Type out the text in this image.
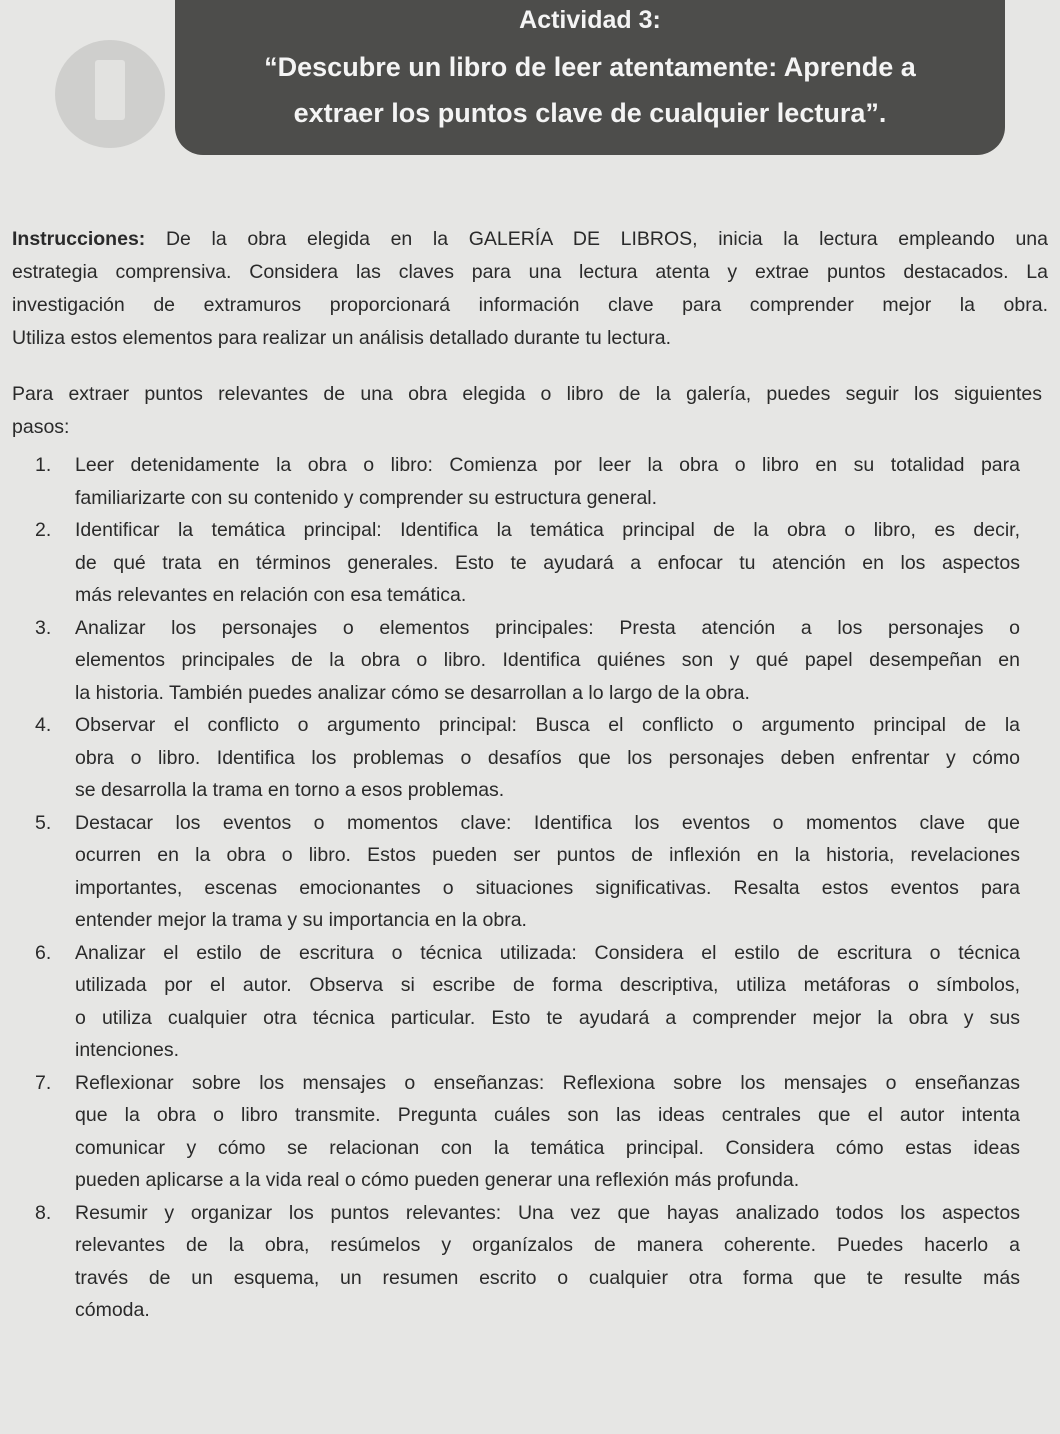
Actividad 3:
“Descubre un libro de leer atentamente: Aprende a
extraer los puntos clave de cualquier lectura”.
Instrucciones: De la obra elegida en la GALERÍA DE LIBROS, inicia la lectura empleando una
estrategia comprensiva. Considera las claves para una lectura atenta y extrae puntos destacados. La
investigación de extramuros proporcionará información clave para comprender mejor la obra.
Utiliza estos elementos para realizar un análisis detallado durante tu lectura.
Para extraer puntos relevantes de una obra elegida o libro de la galería, puedes seguir los siguientes
pasos:
1. Leer detenidamente la obra o libro: Comienza por leer la obra o libro en su totalidad para
familiarizarte con su contenido y comprender su estructura general.
2. Identificar la temática principal: Identifica la temática principal de la obra o libro, es decir,
de qué trata en términos generales. Esto te ayudará a enfocar tu atención en los aspectos
más relevantes en relación con esa temática.
3. Analizar los personajes o elementos principales: Presta atención a los personajes o
elementos principales de la obra o libro. Identifica quiénes son y qué papel desempeñan en
la historia. También puedes analizar cómo se desarrollan a lo largo de la obra.
4. Observar el conflicto o argumento principal: Busca el conflicto o argumento principal de la
obra o libro. Identifica los problemas o desafíos que los personajes deben enfrentar y cómo
se desarrolla la trama en torno a esos problemas.
5. Destacar los eventos o momentos clave: Identifica los eventos o momentos clave que
ocurren en la obra o libro. Estos pueden ser puntos de inflexión en la historia, revelaciones
importantes, escenas emocionantes o situaciones significativas. Resalta estos eventos para
entender mejor la trama y su importancia en la obra.
6. Analizar el estilo de escritura o técnica utilizada: Considera el estilo de escritura o técnica
utilizada por el autor. Observa si escribe de forma descriptiva, utiliza metáforas o símbolos,
o utiliza cualquier otra técnica particular. Esto te ayudará a comprender mejor la obra y sus
intenciones.
7. Reflexionar sobre los mensajes o enseñanzas: Reflexiona sobre los mensajes o enseñanzas
que la obra o libro transmite. Pregunta cuáles son las ideas centrales que el autor intenta
comunicar y cómo se relacionan con la temática principal. Considera cómo estas ideas
pueden aplicarse a la vida real o cómo pueden generar una reflexión más profunda.
8. Resumir y organizar los puntos relevantes: Una vez que hayas analizado todos los aspectos
relevantes de la obra, resúmelos y organízalos de manera coherente. Puedes hacerlo a
través de un esquema, un resumen escrito o cualquier otra forma que te resulte más
cómoda.
